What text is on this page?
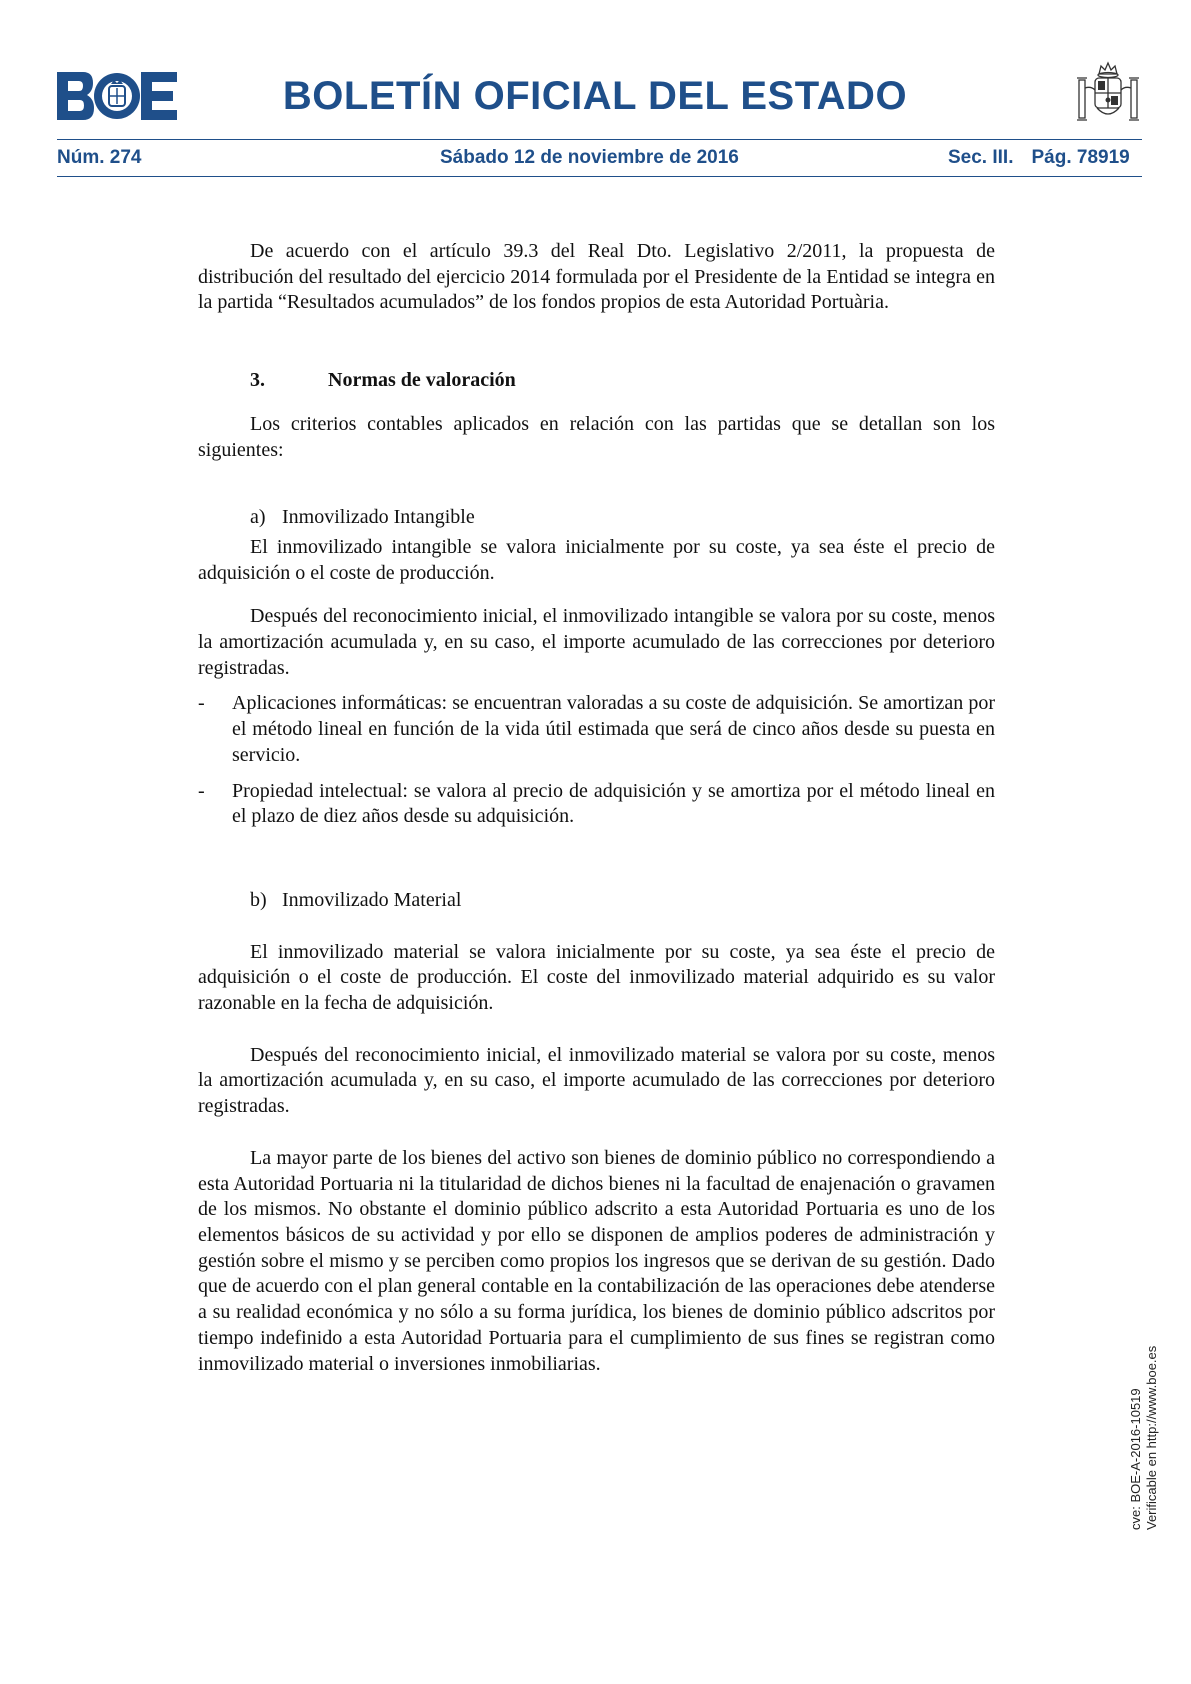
BOLETÍN OFICIAL DEL ESTADO
Núm. 274	Sábado 12 de noviembre de 2016	Sec. III. Pág. 78919

De acuerdo con el artículo 39.3 del Real Dto. Legislativo 2/2011, la propuesta de distribución del resultado del ejercicio 2014 formulada por el Presidente de la Entidad se integra en la partida “Resultados acumulados” de los fondos propios de esta Autoridad Portuària.

3.	Normas de valoración

Los criterios contables aplicados en relación con las partidas que se detallan son los siguientes:

a) Inmovilizado Intangible

El inmovilizado intangible se valora inicialmente por su coste, ya sea éste el precio de adquisición o el coste de producción.

Después del reconocimiento inicial, el inmovilizado intangible se valora por su coste, menos la amortización acumulada y, en su caso, el importe acumulado de las correcciones por deterioro registradas.

-	Aplicaciones informáticas: se encuentran valoradas a su coste de adquisición. Se amortizan por el método lineal en función de la vida útil estimada que será de cinco años desde su puesta en servicio.
-	Propiedad intelectual: se valora al precio de adquisición y se amortiza por el método lineal en el plazo de diez años desde su adquisición.

b) Inmovilizado Material

El inmovilizado material se valora inicialmente por su coste, ya sea éste el precio de adquisición o el coste de producción. El coste del inmovilizado material adquirido es su valor razonable en la fecha de adquisición.

Después del reconocimiento inicial, el inmovilizado material se valora por su coste, menos la amortización acumulada y, en su caso, el importe acumulado de las correcciones por deterioro registradas.

La mayor parte de los bienes del activo son bienes de dominio público no correspondiendo a esta Autoridad Portuaria ni la titularidad de dichos bienes ni la facultad de enajenación o gravamen de los mismos. No obstante el dominio público adscrito a esta Autoridad Portuaria es uno de los elementos básicos de su actividad y por ello se disponen de amplios poderes de administración y gestión sobre el mismo y se perciben como propios los ingresos que se derivan de su gestión. Dado que de acuerdo con el plan general contable en la contabilización de las operaciones debe atenderse a su realidad económica y no sólo a su forma jurídica, los bienes de dominio público adscritos por tiempo indefinido a esta Autoridad Portuaria para el cumplimiento de sus fines se registran como inmovilizado material o inversiones inmobiliarias.

cve: BOE-A-2016-10519 Verificable en http://www.boe.es
